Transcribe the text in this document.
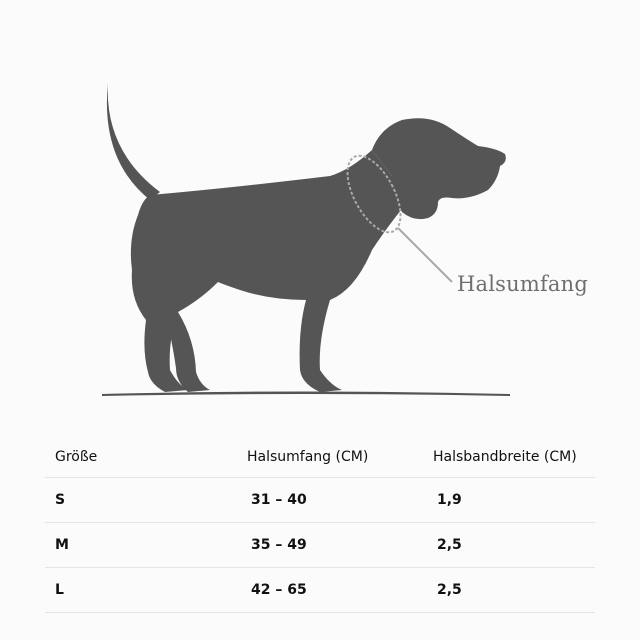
Halsumfang
Größe	Halsumfang (CM)	Halsbandbreite (CM)
S	31 – 40	1,9
M	35 – 49	2,5
L	42 – 65	2,5
